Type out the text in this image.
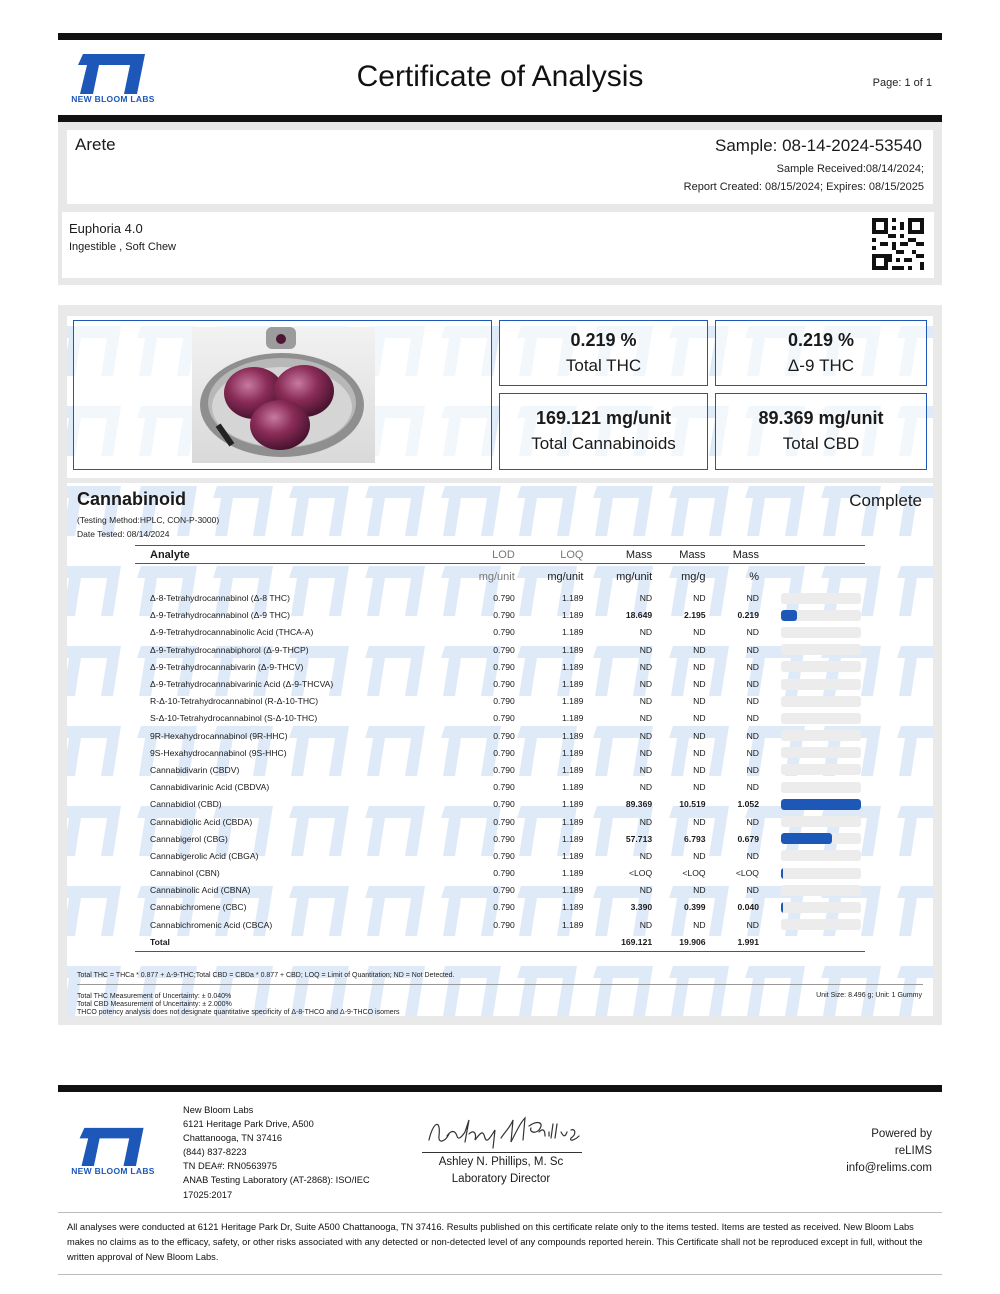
NEW BLOOM LABS
Certificate of Analysis	Page: 1 of 1
Arete	Sample: 08-14-2024-53540
Sample Received:08/14/2024;
Report Created: 08/15/2024; Expires: 08/15/2025
Euphoria 4.0
Ingestible , Soft Chew
0.219 %
Total THC
0.219 %
Δ-9 THC
169.121 mg/unit
Total Cannabinoids
89.369 mg/unit
Total CBD
Cannabinoid	Complete
(Testing Method:HPLC, CON-P-3000)
Date Tested: 08/14/2024
Analyte	LOD	LOQ	Mass	Mass	Mass	
	mg/unit	mg/unit	mg/unit	mg/g	%	
Δ-8-Tetrahydrocannabinol (Δ-8 THC)	0.790	1.189	ND	ND	ND	

Δ-9-Tetrahydrocannabinol (Δ-9 THC)	0.790	1.189	18.649	2.195	0.219	

Δ-9-Tetrahydrocannabinolic Acid (THCA-A)	0.790	1.189	ND	ND	ND	

Δ-9-Tetrahydrocannabiphorol (Δ-9-THCP)	0.790	1.189	ND	ND	ND	

Δ-9-Tetrahydrocannabivarin (Δ-9-THCV)	0.790	1.189	ND	ND	ND	

Δ-9-Tetrahydrocannabivarinic Acid (Δ-9-THCVA)	0.790	1.189	ND	ND	ND	

R-Δ-10-Tetrahydrocannabinol (R-Δ-10-THC)	0.790	1.189	ND	ND	ND	

S-Δ-10-Tetrahydrocannabinol (S-Δ-10-THC)	0.790	1.189	ND	ND	ND	

9R-Hexahydrocannabinol (9R-HHC)	0.790	1.189	ND	ND	ND	

9S-Hexahydrocannabinol (9S-HHC)	0.790	1.189	ND	ND	ND	

Cannabidivarin (CBDV)	0.790	1.189	ND	ND	ND	

Cannabidivarinic Acid (CBDVA)	0.790	1.189	ND	ND	ND	

Cannabidiol (CBD)	0.790	1.189	89.369	10.519	1.052	

Cannabidiolic Acid (CBDA)	0.790	1.189	ND	ND	ND	

Cannabigerol (CBG)	0.790	1.189	57.713	6.793	0.679	

Cannabigerolic Acid (CBGA)	0.790	1.189	ND	ND	ND	

Cannabinol (CBN)	0.790	1.189	<LOQ	<LOQ	<LOQ	

Cannabinolic Acid (CBNA)	0.790	1.189	ND	ND	ND	

Cannabichromene (CBC)	0.790	1.189	3.390	0.399	0.040	

Cannabichromenic Acid (CBCA)	0.790	1.189	ND	ND	ND	

Total			169.121	19.906	1.991	
Total THC = THCa * 0.877 + Δ-9-THC;Total CBD = CBDa * 0.877 + CBD; LOQ = Limit of Quantitation; ND = Not Detected.
Total THC Measurement of Uncertainty: ± 0.040%
Total CBD Measurement of Uncertainty: ± 2.000%
THCO potency analysis does not designate quantitative specificity of Δ-8-THCO and Δ-9-THCO isomers
Unit Size: 8.496 g; Unit: 1 Gummy
NEW BLOOM LABS
New Bloom Labs
6121 Heritage Park Drive, A500
Chattanooga, TN 37416
(844) 837-8223
TN DEA#: RN0563975
ANAB Testing Laboratory (AT-2868): ISO/IEC
17025:2017
Ashley N. Phillips, M. Sc
Laboratory Director
Powered by
reLIMS
info@relims.com
All analyses were conducted at 6121 Heritage Park Dr, Suite A500 Chattanooga, TN 37416. Results published on this certificate relate only to the items tested. Items are tested as received. New Bloom Labs makes no claims as to the efficacy, safety, or other risks associated with any detected or non-detected level of any compounds reported herein. This Certificate shall not be reproduced except in full, without the written approval of New Bloom Labs.
